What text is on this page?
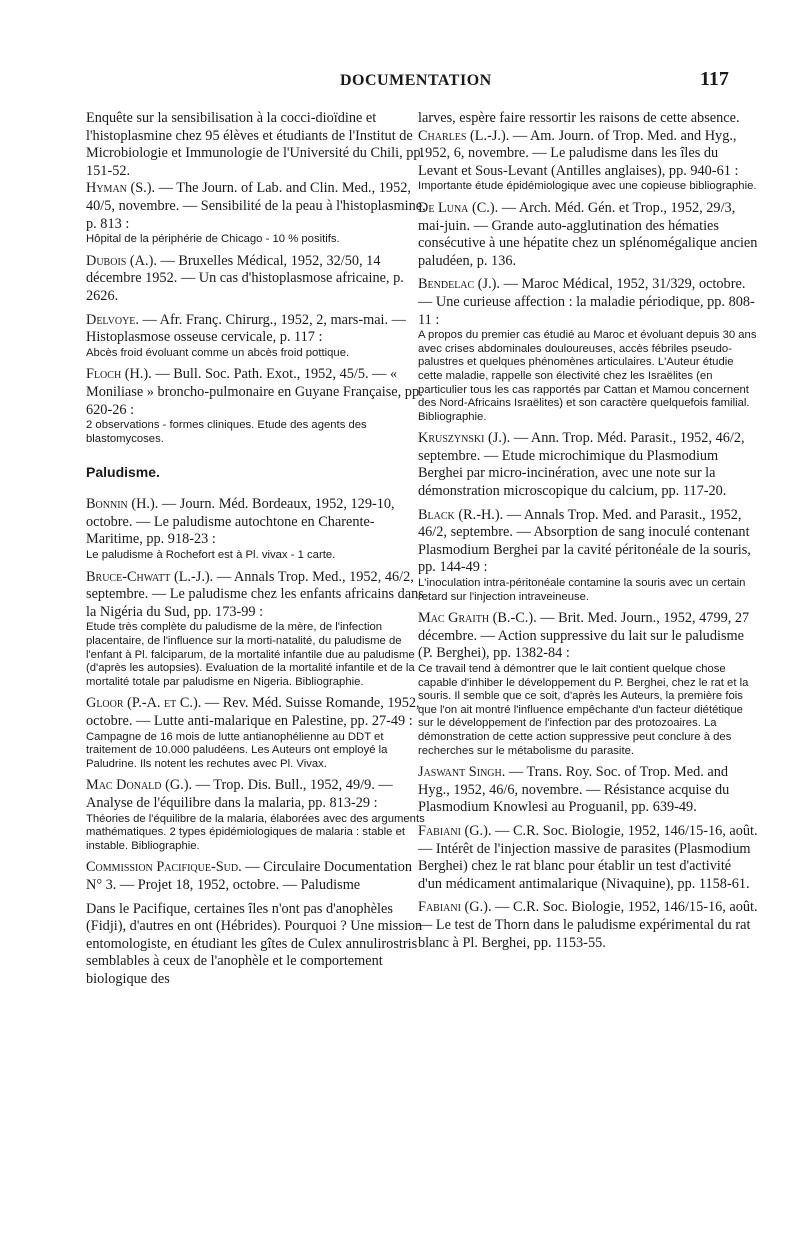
DOCUMENTATION	117

Enquête sur la sensibilisation à la cocci-dioïdine et l'histoplasmine chez 95 élèves et étudiants de l'Institut de Microbiologie et Immunologie de l'Université du Chili, pp. 151-52.

Hyman (S.). — The Journ. of Lab. and Clin. Med., 1952, 40/5, novembre. — Sensibilité de la peau à l'histoplasmine, p. 813 :

Hôpital de la périphérie de Chicago - 10 % positifs.

Dubois (A.). — Bruxelles Médical, 1952, 32/50, 14 décembre 1952. — Un cas d'histoplasmose africaine, p. 2626.

Delvoye. — Afr. Franç. Chirurg., 1952, 2, mars-mai. — Histoplasmose osseuse cervicale, p. 117 :

Abcès froid évoluant comme un abcès froid pottique.

Floch (H.). — Bull. Soc. Path. Exot., 1952, 45/5. — « Moniliase » broncho-pulmonaire en Guyane Française, pp. 620-26 :

2 observations - formes cliniques. Etude des agents des blastomycoses.

Paludisme.

Bonnin (H.). — Journ. Méd. Bordeaux, 1952, 129-10, octobre. — Le paludisme autochtone en Charente-Maritime, pp. 918-23 :

Le paludisme à Rochefort est à Pl. vivax - 1 carte.

Bruce-Chwatt (L.-J.). — Annals Trop. Med., 1952, 46/2, septembre. — Le paludisme chez les enfants africains dans la Nigéria du Sud, pp. 173-99 :

Etude très complète du paludisme de la mère, de l'infection placentaire, de l'influence sur la morti-natalité, du paludisme de l'enfant à Pl. falciparum, de la mortalité infantile due au paludisme (d'après les autopsies). Evaluation de la mortalité infantile et de la mortalité totale par paludisme en Nigeria. Bibliographie.

Gloor (P.-A. et C.). — Rev. Méd. Suisse Romande, 1952, octobre. — Lutte anti-malarique en Palestine, pp. 27-49 :

Campagne de 16 mois de lutte antianophélienne au DDT et traitement de 10.000 paludéens. Les Auteurs ont employé la Paludrine. Ils notent les rechutes avec Pl. Vivax.

Mac Donald (G.). — Trop. Dis. Bull., 1952, 49/9. — Analyse de l'équilibre dans la malaria, pp. 813-29 :

Théories de l'équilibre de la malaria, élaborées avec des arguments mathématiques. 2 types épidémiologiques de malaria : stable et instable. Bibliographie.

Commission Pacifique-Sud. — Circulaire Documentation N° 3. — Projet 18, 1952, octobre. — Paludisme

Dans le Pacifique, certaines îles n'ont pas d'anophèles (Fidji), d'autres en ont (Hébrides). Pourquoi ? Une mission entomologiste, en étudiant les gîtes de Culex annulirostris semblables à ceux de l'anophèle et le comportement biologique des

larves, espère faire ressortir les raisons de cette absence.

Charles (L.-J.). — Am. Journ. of Trop. Med. and Hyg., 1952, 6, novembre. — Le paludisme dans les îles du Levant et Sous-Levant (Antilles anglaises), pp. 940-61 :

Importante étude épidémiologique avec une copieuse bibliographie.

De Luna (C.). — Arch. Méd. Gén. et Trop., 1952, 29/3, mai-juin. — Grande auto-agglutination des hématies consécutive à une hépatite chez un splénomégalique ancien paludéen, p. 136.

Bendelac (J.). — Maroc Médical, 1952, 31/329, octobre. — Une curieuse affection : la maladie périodique, pp. 808-11 :

A propos du premier cas étudié au Maroc et évoluant depuis 30 ans avec crises abdominales douloureuses, accès fébriles pseudo-palustres et quelques phénomènes articulaires. L'Auteur étudie cette maladie, rappelle son électivité chez les Israëlites (en particulier tous les cas rapportés par Cattan et Mamou concernent des Nord-Africains Israëlites) et son caractère quelquefois familial. Bibliographie.

Kruszynski (J.). — Ann. Trop. Méd. Parasit., 1952, 46/2, septembre. — Etude microchimique du Plasmodium Berghei par micro-incinération, avec une note sur la démonstration microscopique du calcium, pp. 117-20.

Black (R.-H.). — Annals Trop. Med. and Parasit., 1952, 46/2, septembre. — Absorption de sang inoculé contenant Plasmodium Berghei par la cavité péritonéale de la souris, pp. 144-49 :

L'inoculation intra-péritonéale contamine la souris avec un certain retard sur l'injection intraveineuse.

Mac Graith (B.-C.). — Brit. Med. Journ., 1952, 4799, 27 décembre. — Action suppressive du lait sur le paludisme (P. Berghei), pp. 1382-84 :

Ce travail tend à démontrer que le lait contient quelque chose capable d'inhiber le développement du P. Berghei, chez le rat et la souris. Il semble que ce soit, d'après les Auteurs, la première fois que l'on ait montré l'influence empêchante d'un facteur diététique sur le développement de l'infection par des protozoaires. La démonstration de cette action suppressive peut conclure à des recherches sur le métabolisme du parasite.

Jaswant Singh. — Trans. Roy. Soc. of Trop. Med. and Hyg., 1952, 46/6, novembre. — Résistance acquise du Plasmodium Knowlesi au Proguanil, pp. 639-49.

Fabiani (G.). — C.R. Soc. Biologie, 1952, 146/15-16, août. — Intérêt de l'injection massive de parasites (Plasmodium Berghei) chez le rat blanc pour établir un test d'activité d'un médicament antimalarique (Nivaquine), pp. 1158-61.

Fabiani (G.). — C.R. Soc. Biologie, 1952, 146/15-16, août. — Le test de Thorn dans le paludisme expérimental du rat blanc à Pl. Berghei, pp. 1153-55.
